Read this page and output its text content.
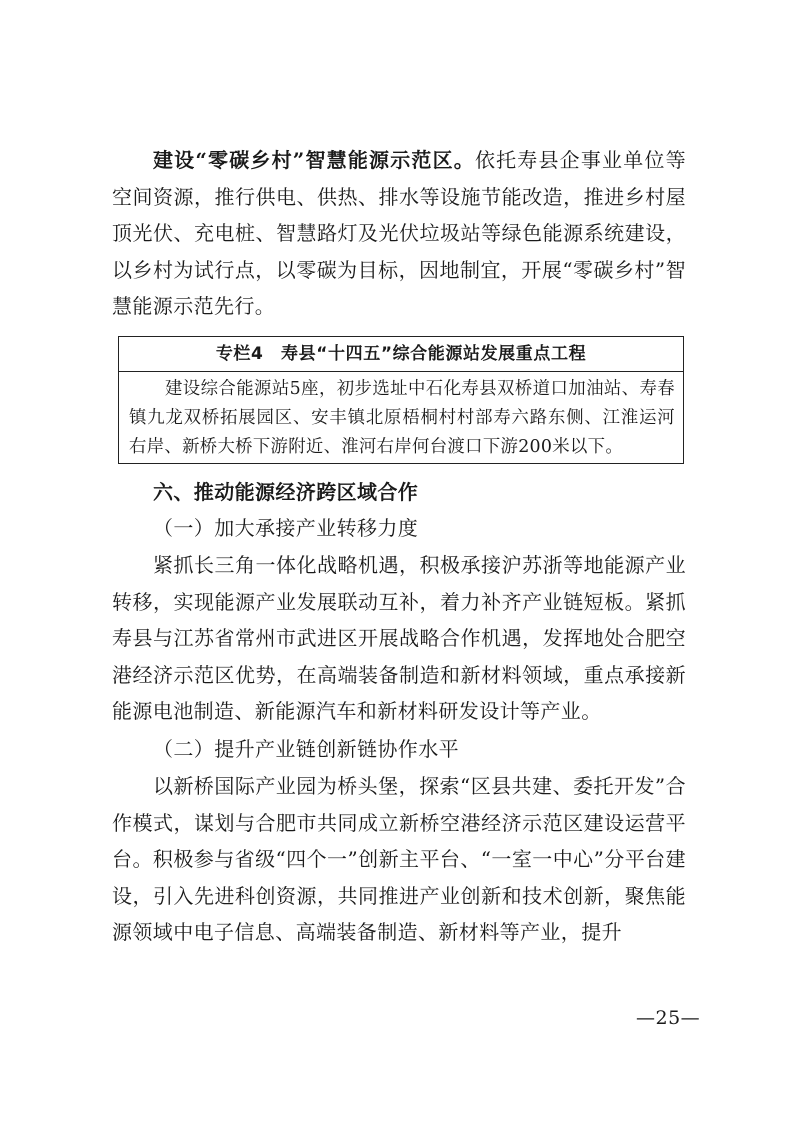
建设“零碳乡村”智慧能源示范区。依托寿县企事业单位等空间资源，推行供电、供热、排水等设施节能改造，推进乡村屋顶光伏、充电桩、智慧路灯及光伏垃圾站等绿色能源系统建设，以乡村为试行点，以零碳为目标，因地制宜，开展“零碳乡村”智慧能源示范先行。

专栏4　寿县“十四五”综合能源站发展重点工程
建设综合能源站5座，初步选址中石化寿县双桥道口加油站、寿春镇九龙双桥拓展园区、安丰镇北原梧桐村村部寿六路东侧、江淮运河右岸、新桥大桥下游附近、淮河右岸何台渡口下游200米以下。

六、推动能源经济跨区域合作

（一）加大承接产业转移力度

紧抓长三角一体化战略机遇，积极承接沪苏浙等地能源产业转移，实现能源产业发展联动互补，着力补齐产业链短板。紧抓寿县与江苏省常州市武进区开展战略合作机遇，发挥地处合肥空港经济示范区优势，在高端装备制造和新材料领域，重点承接新能源电池制造、新能源汽车和新材料研发设计等产业。

（二）提升产业链创新链协作水平

以新桥国际产业园为桥头堡，探索“区县共建、委托开发”合作模式，谋划与合肥市共同成立新桥空港经济示范区建设运营平台。积极参与省级“四个一”创新主平台、“一室一中心”分平台建设，引入先进科创资源，共同推进产业创新和技术创新，聚焦能源领域中电子信息、高端装备制造、新材料等产业，提升

—25—
